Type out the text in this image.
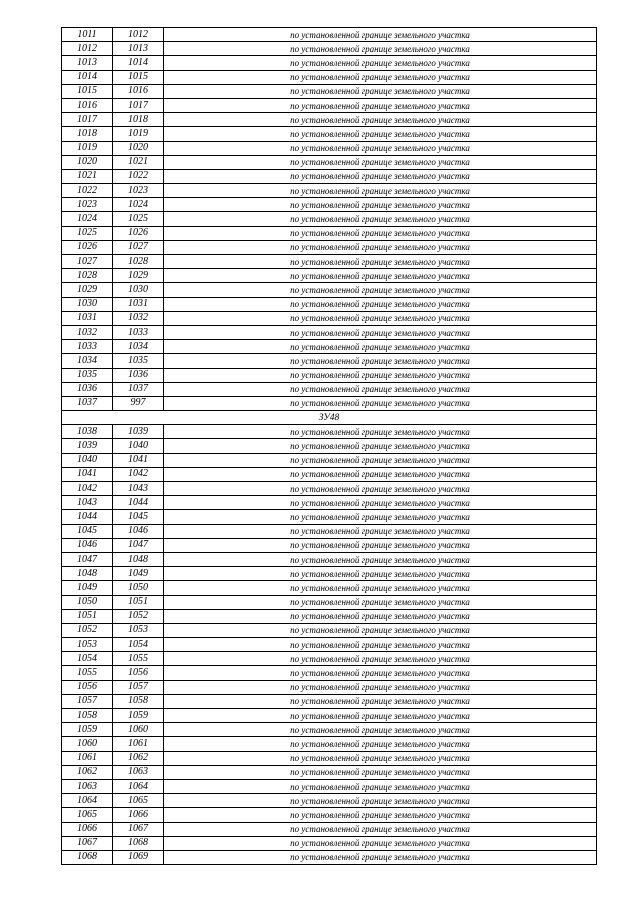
1011	1012	по установленной границе земельного участка
1012	1013	по установленной границе земельного участка
1013	1014	по установленной границе земельного участка
1014	1015	по установленной границе земельного участка
1015	1016	по установленной границе земельного участка
1016	1017	по установленной границе земельного участка
1017	1018	по установленной границе земельного участка
1018	1019	по установленной границе земельного участка
1019	1020	по установленной границе земельного участка
1020	1021	по установленной границе земельного участка
1021	1022	по установленной границе земельного участка
1022	1023	по установленной границе земельного участка
1023	1024	по установленной границе земельного участка
1024	1025	по установленной границе земельного участка
1025	1026	по установленной границе земельного участка
1026	1027	по установленной границе земельного участка
1027	1028	по установленной границе земельного участка
1028	1029	по установленной границе земельного участка
1029	1030	по установленной границе земельного участка
1030	1031	по установленной границе земельного участка
1031	1032	по установленной границе земельного участка
1032	1033	по установленной границе земельного участка
1033	1034	по установленной границе земельного участка
1034	1035	по установленной границе земельного участка
1035	1036	по установленной границе земельного участка
1036	1037	по установленной границе земельного участка
1037	997	по установленной границе земельного участка
ЗУ48		
1038	1039	по установленной границе земельного участка
1039	1040	по установленной границе земельного участка
1040	1041	по установленной границе земельного участка
1041	1042	по установленной границе земельного участка
1042	1043	по установленной границе земельного участка
1043	1044	по установленной границе земельного участка
1044	1045	по установленной границе земельного участка
1045	1046	по установленной границе земельного участка
1046	1047	по установленной границе земельного участка
1047	1048	по установленной границе земельного участка
1048	1049	по установленной границе земельного участка
1049	1050	по установленной границе земельного участка
1050	1051	по установленной границе земельного участка
1051	1052	по установленной границе земельного участка
1052	1053	по установленной границе земельного участка
1053	1054	по установленной границе земельного участка
1054	1055	по установленной границе земельного участка
1055	1056	по установленной границе земельного участка
1056	1057	по установленной границе земельного участка
1057	1058	по установленной границе земельного участка
1058	1059	по установленной границе земельного участка
1059	1060	по установленной границе земельного участка
1060	1061	по установленной границе земельного участка
1061	1062	по установленной границе земельного участка
1062	1063	по установленной границе земельного участка
1063	1064	по установленной границе земельного участка
1064	1065	по установленной границе земельного участка
1065	1066	по установленной границе земельного участка
1066	1067	по установленной границе земельного участка
1067	1068	по установленной границе земельного участка
1068	1069	по установленной границе земельного участка
